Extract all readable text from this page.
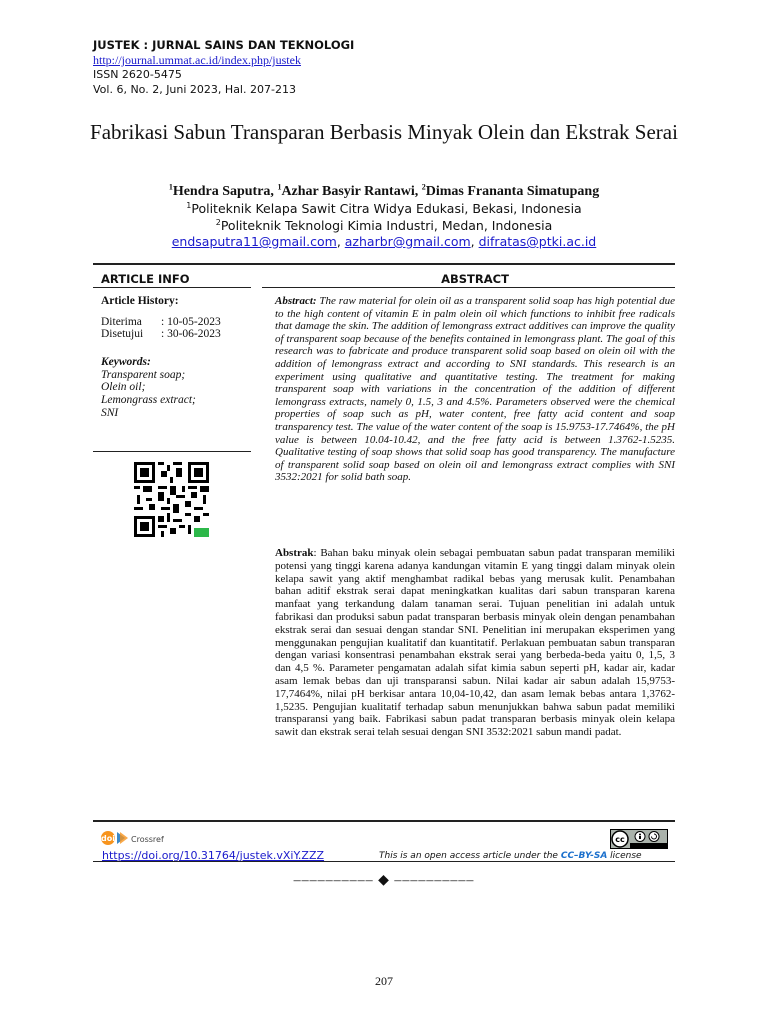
JUSTEK : JURNAL SAINS DAN TEKNOLOGI
http://journal.ummat.ac.id/index.php/justek
ISSN 2620-5475
Vol. 6, No. 2, Juni 2023, Hal. 207-213
Fabrikasi Sabun Transparan Berbasis Minyak Olein dan Ekstrak Serai
$^1$Hendra Saputra, $^1$Azhar Basyir Rantawi, $^2$Dimas Frananta Simatupang
$^1$Politeknik Kelapa Sawit Citra Widya Edukasi, Bekasi, Indonesia
$^2$Politeknik Teknologi Kimia Industri, Medan, Indonesia
endsaputra11@gmail.com, azharbr@gmail.com, difratas@ptki.ac.id
ARTICLE INFO	ABSTRACT
Article History:
Diterima : 10-05-2023
Disetujui : 30-06-2023
Keywords:
Transparent soap;
Olein oil;
Lemongrass extract;
SNI
Abstract: The raw material for olein oil as a transparent solid soap has high potential due to the high content of vitamin E in palm olein oil which functions to inhibit free radicals that damage the skin. The addition of lemongrass extract additives can improve the quality of transparent soap because of the benefits contained in lemongrass plant. The goal of this research was to fabricate and produce transparent solid soap based on olein oil with the addition of lemongrass extract and according to SNI standards. This research is an experiment using qualitative and quantitative testing. The treatment for making transparent soap with variations in the concentration of the addition of different lemongrass extracts, namely 0, 1.5, 3 and 4.5%. Parameters observed were the chemical properties of soap such as pH, water content, free fatty acid content and soap transparency test. The value of the water content of the soap is 15.9753-17.7464%, the pH value is between 10.04-10.42, and the free fatty acid is between 1.3762-1.5235. Qualitative testing of soap shows that solid soap has good transparency. The manufacture of transparent solid soap based on olein oil and lemongrass extract complies with SNI 3532:2021 for solid bath soap.
Abstrak: Bahan baku minyak olein sebagai pembuatan sabun padat transparan memiliki potensi yang tinggi karena adanya kandungan vitamin E yang tinggi dalam minyak olein kelapa sawit yang aktif menghambat radikal bebas yang merusak kulit. Penambahan bahan aditif ekstrak serai dapat meningkatkan kualitas dari sabun transparan karena manfaat yang terkandung dalam tanaman serai. Tujuan penelitian ini adalah untuk fabrikasi dan produksi sabun padat transparan berbasis minyak olein dengan penambahan ekstrak serai dan sesuai dengan standar SNI. Penelitian ini merupakan eksperimen yang menggunakan pengujian kualitatif dan kuantitatif. Perlakuan pembuatan sabun transparan dengan variasi konsentrasi penambahan ekstrak serai yang berbeda-beda yaitu 0, 1,5, 3 dan 4,5 %. Parameter pengamatan adalah sifat kimia sabun seperti pH, kadar air, kadar asam lemak bebas dan uji transparansi sabun. Nilai kadar air sabun adalah 15,9753-17,7464%, nilai pH berkisar antara 10,04-10,42, dan asam lemak bebas antara 1,3762-1,5235. Pengujian kualitatif terhadap sabun menunjukkan bahwa sabun padat memiliki transparansi yang baik. Fabrikasi sabun padat transparan berbasis minyak olein kelapa sawit dan ekstrak serai telah sesuai dengan SNI 3532:2021 sabun mandi padat.
doi Crossref
https://doi.org/10.31764/justek.vXiY.ZZZ	This is an open access article under the CC–BY-SA license
cc
–––––––––– ◆ ––––––––––
207
